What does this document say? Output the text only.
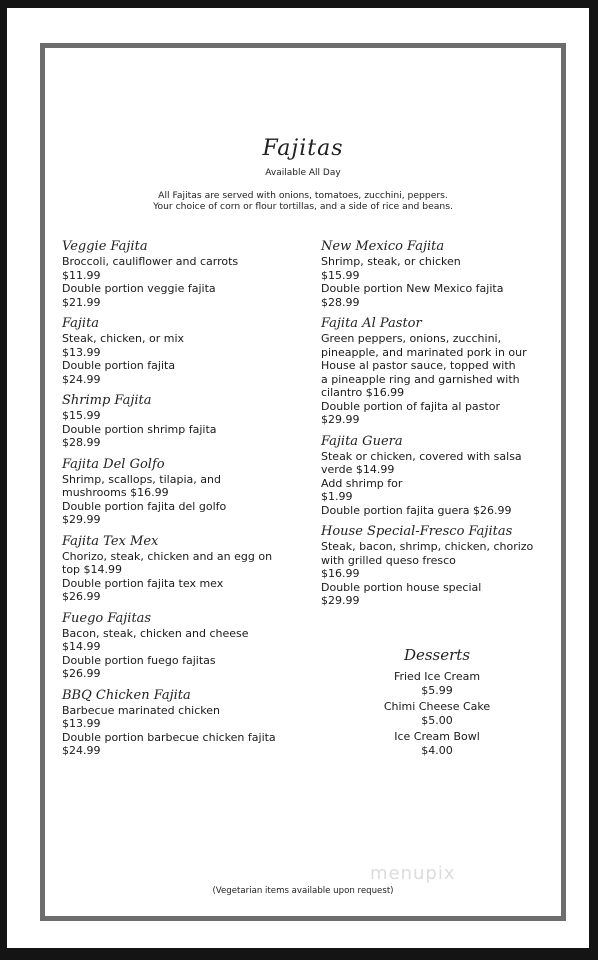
Fajitas
Available All Day
All Fajitas are served with onions, tomatoes, zucchini, peppers.
Your choice of corn or flour tortillas, and a side of rice and beans.
Veggie Fajita
Broccoli, cauliflower and carrots
$11.99
Double portion veggie fajita
$21.99
Fajita
Steak, chicken, or mix
$13.99
Double portion fajita
$24.99
Shrimp Fajita
$15.99
Double portion shrimp fajita
$28.99
Fajita Del Golfo
Shrimp, scallops, tilapia, and
mushrooms $16.99
Double portion fajita del golfo
$29.99
Fajita Tex Mex
Chorizo, steak, chicken and an egg on
top $14.99
Double portion fajita tex mex
$26.99
Fuego Fajitas
Bacon, steak, chicken and cheese
$14.99
Double portion fuego fajitas
$26.99
BBQ Chicken Fajita
Barbecue marinated chicken
$13.99
Double portion barbecue chicken fajita
$24.99
New Mexico Fajita
Shrimp, steak, or chicken
$15.99
Double portion New Mexico fajita
$28.99
Fajita Al Pastor
Green peppers, onions, zucchini,
pineapple, and marinated pork in our
House al pastor sauce, topped with
a pineapple ring and garnished with
cilantro $16.99
Double portion of fajita al pastor
$29.99
Fajita Guera
Steak or chicken, covered with salsa
verde $14.99
Add shrimp for
$1.99
Double portion fajita guera $26.99
House Special-Fresco Fajitas
Steak, bacon, shrimp, chicken, chorizo
with grilled queso fresco
$16.99
Double portion house special
$29.99
Desserts
Fried Ice Cream
$5.99
Chimi Cheese Cake
$5.00
Ice Cream Bowl
$4.00
menupix
(Vegetarian items available upon request)
